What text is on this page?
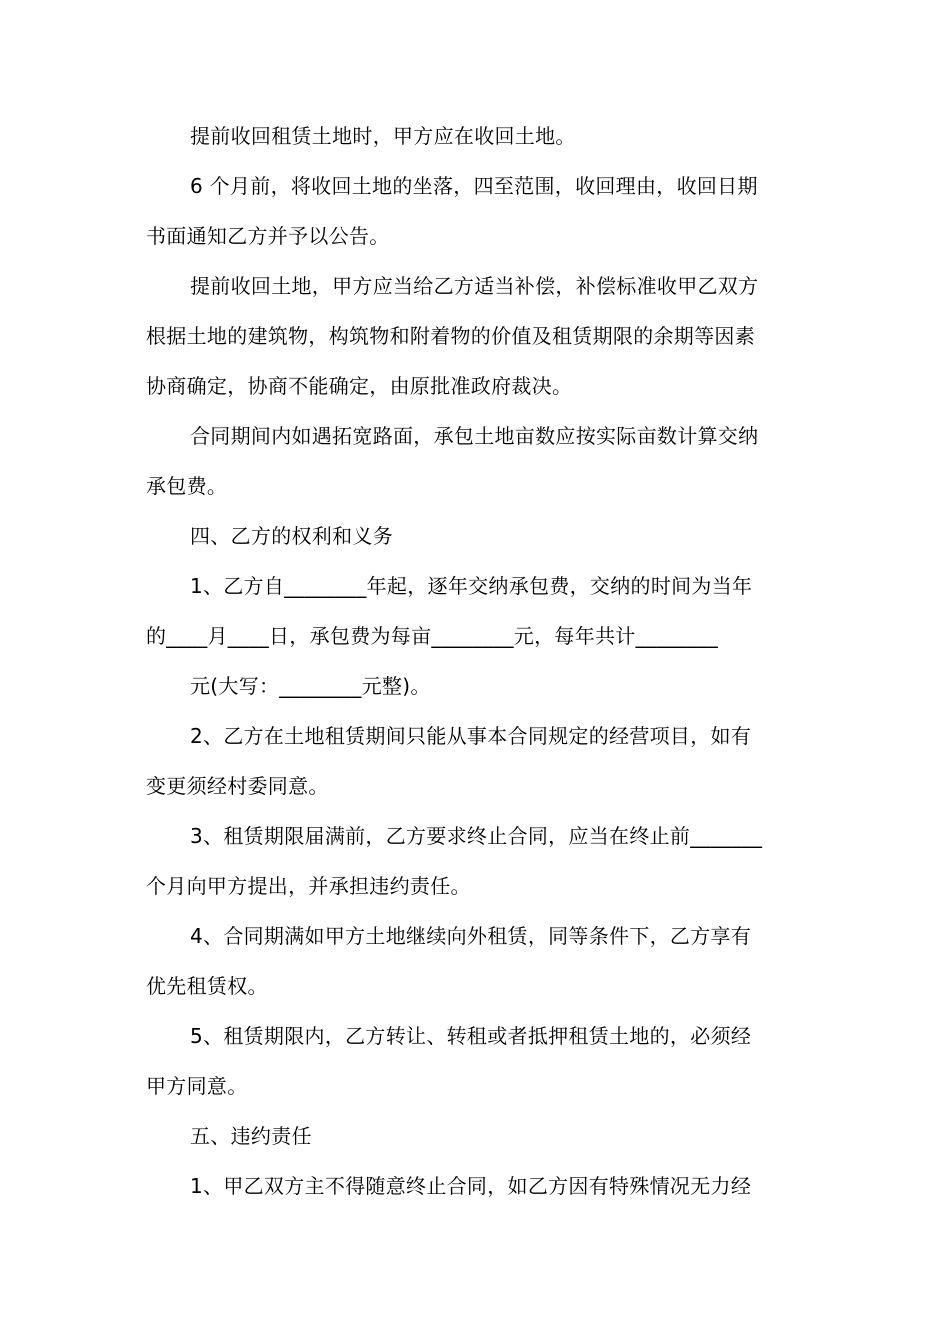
提前收回租赁土地时，甲方应在收回土地。
6 个月前，将收回土地的坐落，四至范围，收回理由，收回日期
书面通知乙方并予以公告。
提前收回土地，甲方应当给乙方适当补偿，补偿标准收甲乙双方
根据土地的建筑物，构筑物和附着物的价值及租赁期限的余期等因素
协商确定，协商不能确定，由原批准政府裁决。
合同期间内如遇拓宽路面，承包土地亩数应按实际亩数计算交纳
承包费。
四、乙方的权利和义务
1、乙方自________年起，逐年交纳承包费，交纳的时间为当年
的____月____日，承包费为每亩________元，每年共计________
元(大写：________元整)。
2、乙方在土地租赁期间只能从事本合同规定的经营项目，如有
变更须经村委同意。
3、租赁期限届满前，乙方要求终止合同，应当在终止前_______
个月向甲方提出，并承担违约责任。
4、合同期满如甲方土地继续向外租赁，同等条件下，乙方享有
优先租赁权。
5、租赁期限内，乙方转让、转租或者抵押租赁土地的，必须经
甲方同意。
五、违约责任
1、甲乙双方主不得随意终止合同，如乙方因有特殊情况无力经
